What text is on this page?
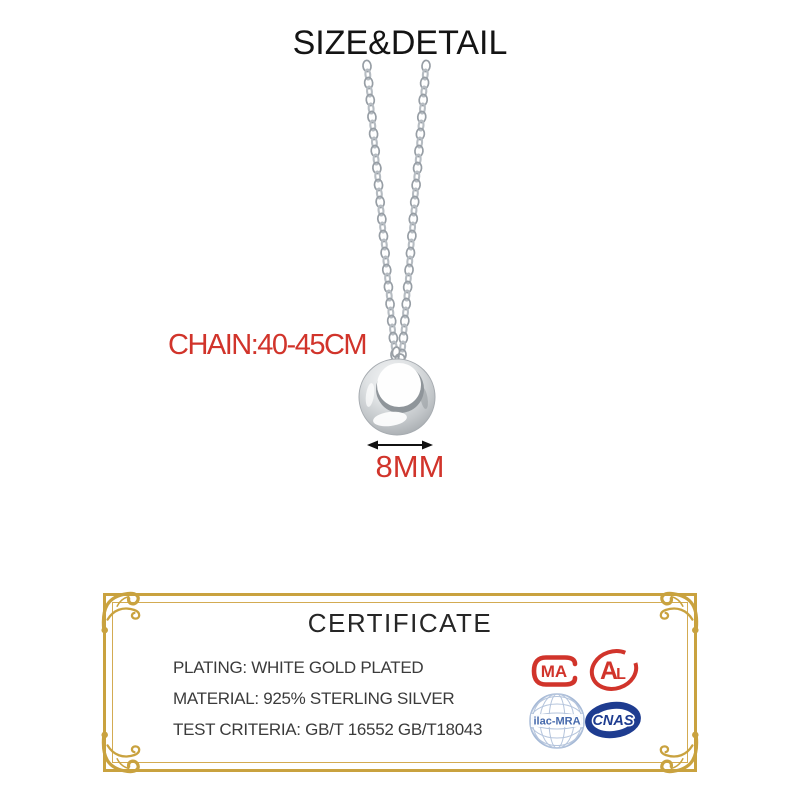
SIZE&DETAIL
CHAIN:40-45CM
8MM
CERTIFICATE
PLATING: WHITE GOLD PLATED
MATERIAL: 925% STERLING SILVER
TEST CRITERIA: GB/T 16552 GB/T18043
MA A
L
ilac-MRA CNAS
